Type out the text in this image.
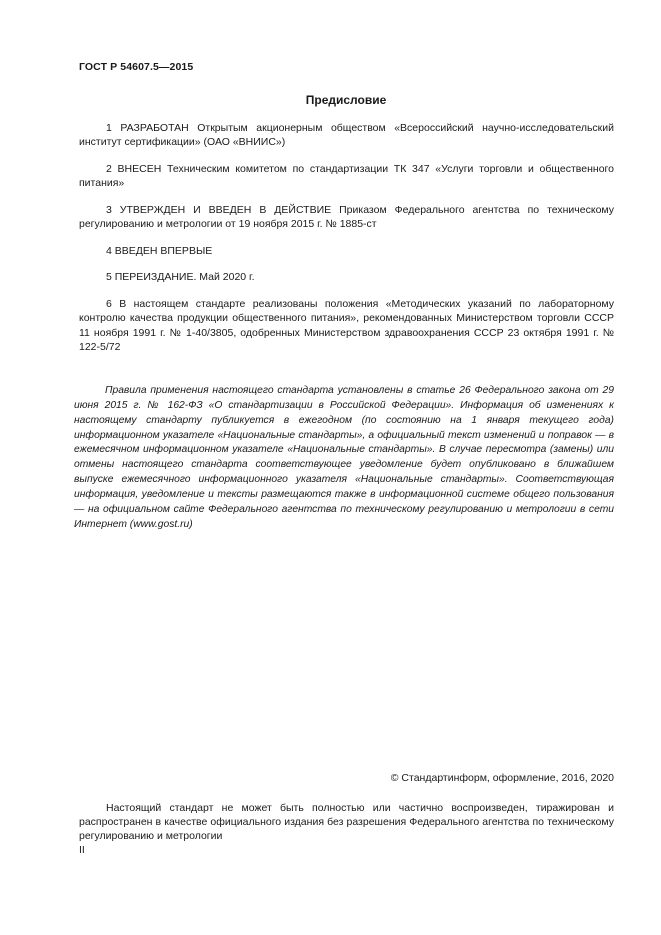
ГОСТ Р 54607.5—2015
Предисловие

1 РАЗРАБОТАН Открытым акционерным обществом «Всероссийский научно-исследовательский институт сертификации» (ОАО «ВНИИС»)

2 ВНЕСЕН Техническим комитетом по стандартизации ТК 347 «Услуги торговли и общественного питания»

3 УТВЕРЖДЕН И ВВЕДЕН В ДЕЙСТВИЕ Приказом Федерального агентства по техническому регулированию и метрологии от 19 ноября 2015 г. № 1885-ст

4 ВВЕДЕН ВПЕРВЫЕ

5 ПЕРЕИЗДАНИЕ. Май 2020 г.

6 В настоящем стандарте реализованы положения «Методических указаний по лабораторному контролю качества продукции общественного питания», рекомендованных Министерством торговли СССР 11 ноября 1991 г. № 1-40/3805, одобренных Министерством здравоохранения СССР 23 октября 1991 г. № 122-5/72

Правила применения настоящего стандарта установлены в статье 26 Федерального закона от 29 июня 2015 г. № 162-ФЗ «О стандартизации в Российской Федерации». Информация об изменениях к настоящему стандарту публикуется в ежегодном (по состоянию на 1 января текущего года) информационном указателе «Национальные стандарты», а официальный текст изменений и поправок — в ежемесячном информационном указателе «Национальные стандарты». В случае пересмотра (замены) или отмены настоящего стандарта соответствующее уведомление будет опубликовано в ближайшем выпуске ежемесячного информационного указателя «Национальные стандарты». Соответствующая информация, уведомление и тексты размещаются также в информационной системе общего пользования — на официальном сайте Федерального агентства по техническому регулированию и метрологии в сети Интернет (www.gost.ru)

© Стандартинформ, оформление, 2016, 2020

Настоящий стандарт не может быть полностью или частично воспроизведен, тиражирован и распространен в качестве официального издания без разрешения Федерального агентства по техническому регулированию и метрологии

II
